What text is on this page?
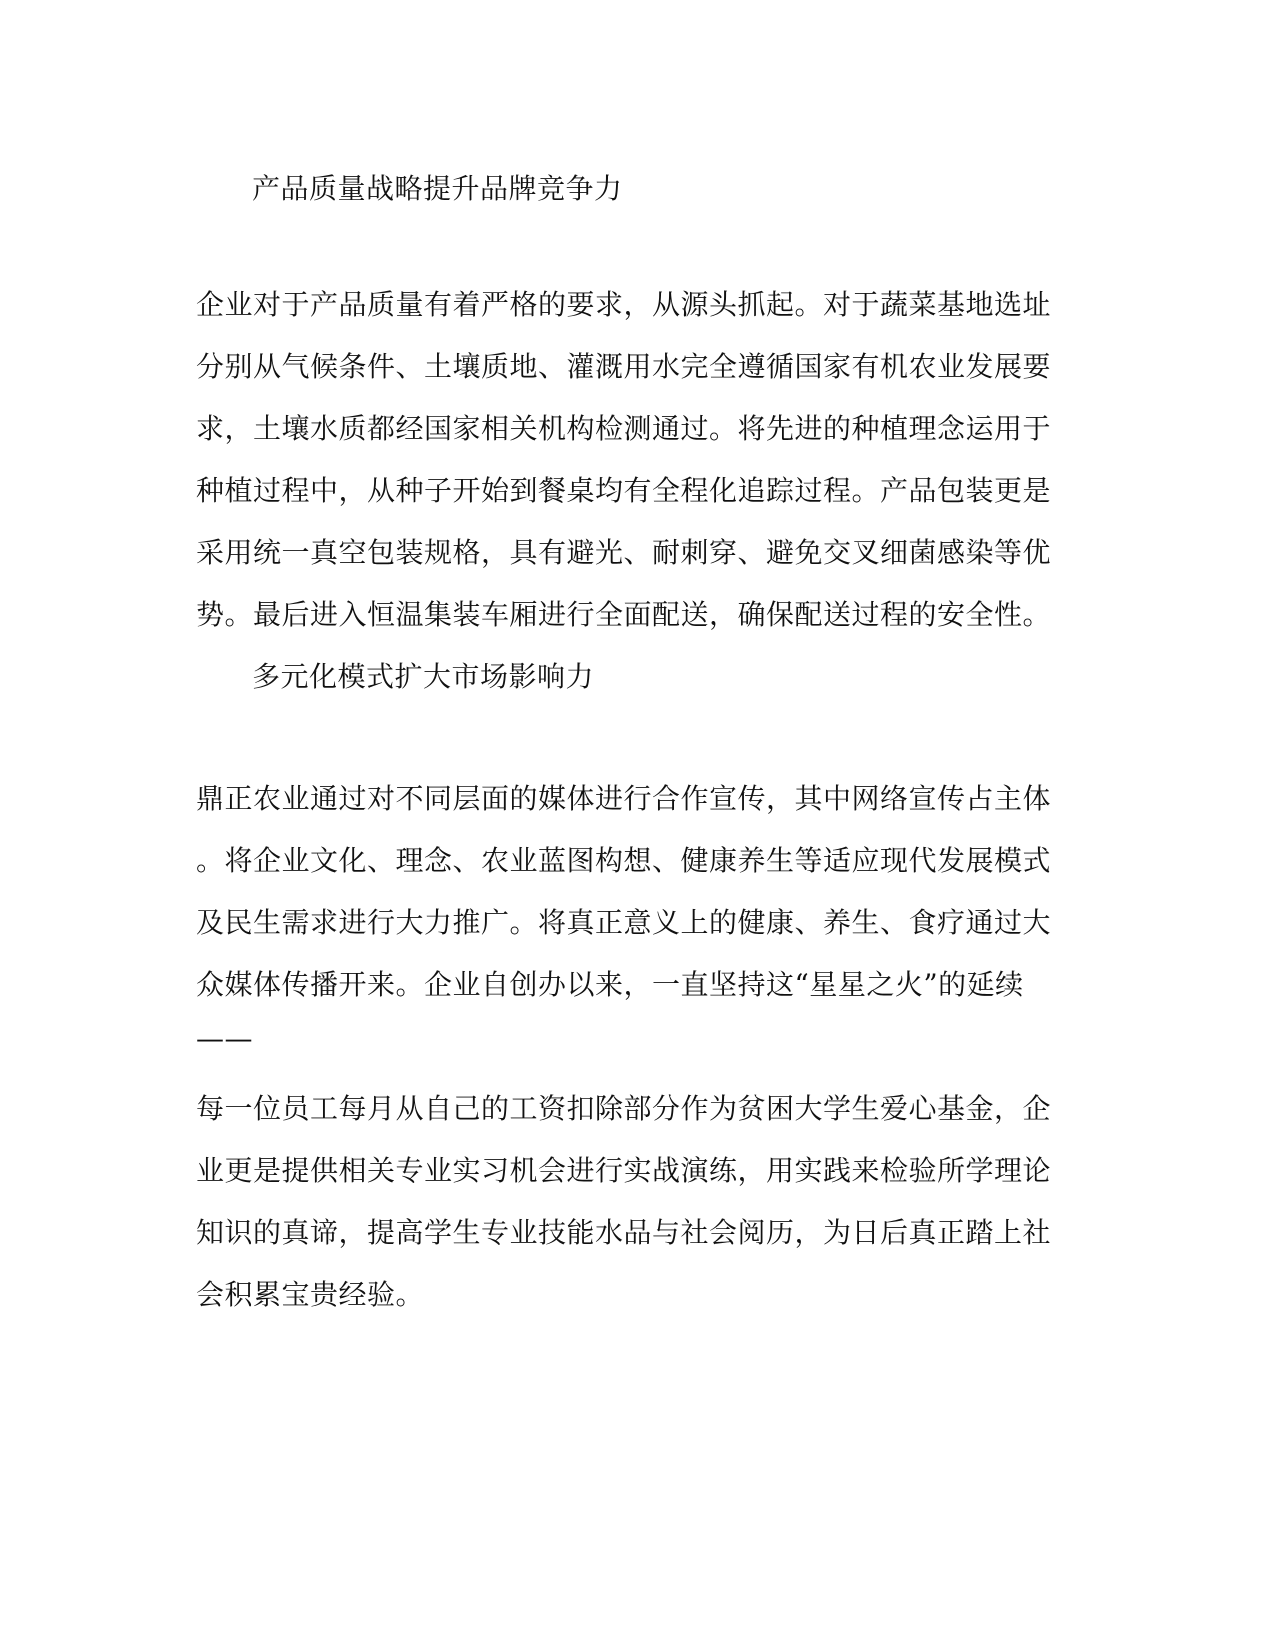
产品质量战略提升品牌竞争力
企业对于产品质量有着严格的要求，从源头抓起。对于蔬菜基地选址
分别从气候条件、土壤质地、灌溉用水完全遵循国家有机农业发展要
求，土壤水质都经国家相关机构检测通过。将先进的种植理念运用于
种植过程中，从种子开始到餐桌均有全程化追踪过程。产品包装更是
采用统一真空包装规格，具有避光、耐刺穿、避免交叉细菌感染等优
势。最后进入恒温集装车厢进行全面配送，确保配送过程的安全性。
多元化模式扩大市场影响力
鼎正农业通过对不同层面的媒体进行合作宣传，其中网络宣传占主体
。将企业文化、理念、农业蓝图构想、健康养生等适应现代发展模式
及民生需求进行大力推广。将真正意义上的健康、养生、食疗通过大
众媒体传播开来。企业自创办以来，一直坚持这“星星之火”的延续
——
每一位员工每月从自己的工资扣除部分作为贫困大学生爱心基金，企
业更是提供相关专业实习机会进行实战演练，用实践来检验所学理论
知识的真谛，提高学生专业技能水品与社会阅历，为日后真正踏上社
会积累宝贵经验。
